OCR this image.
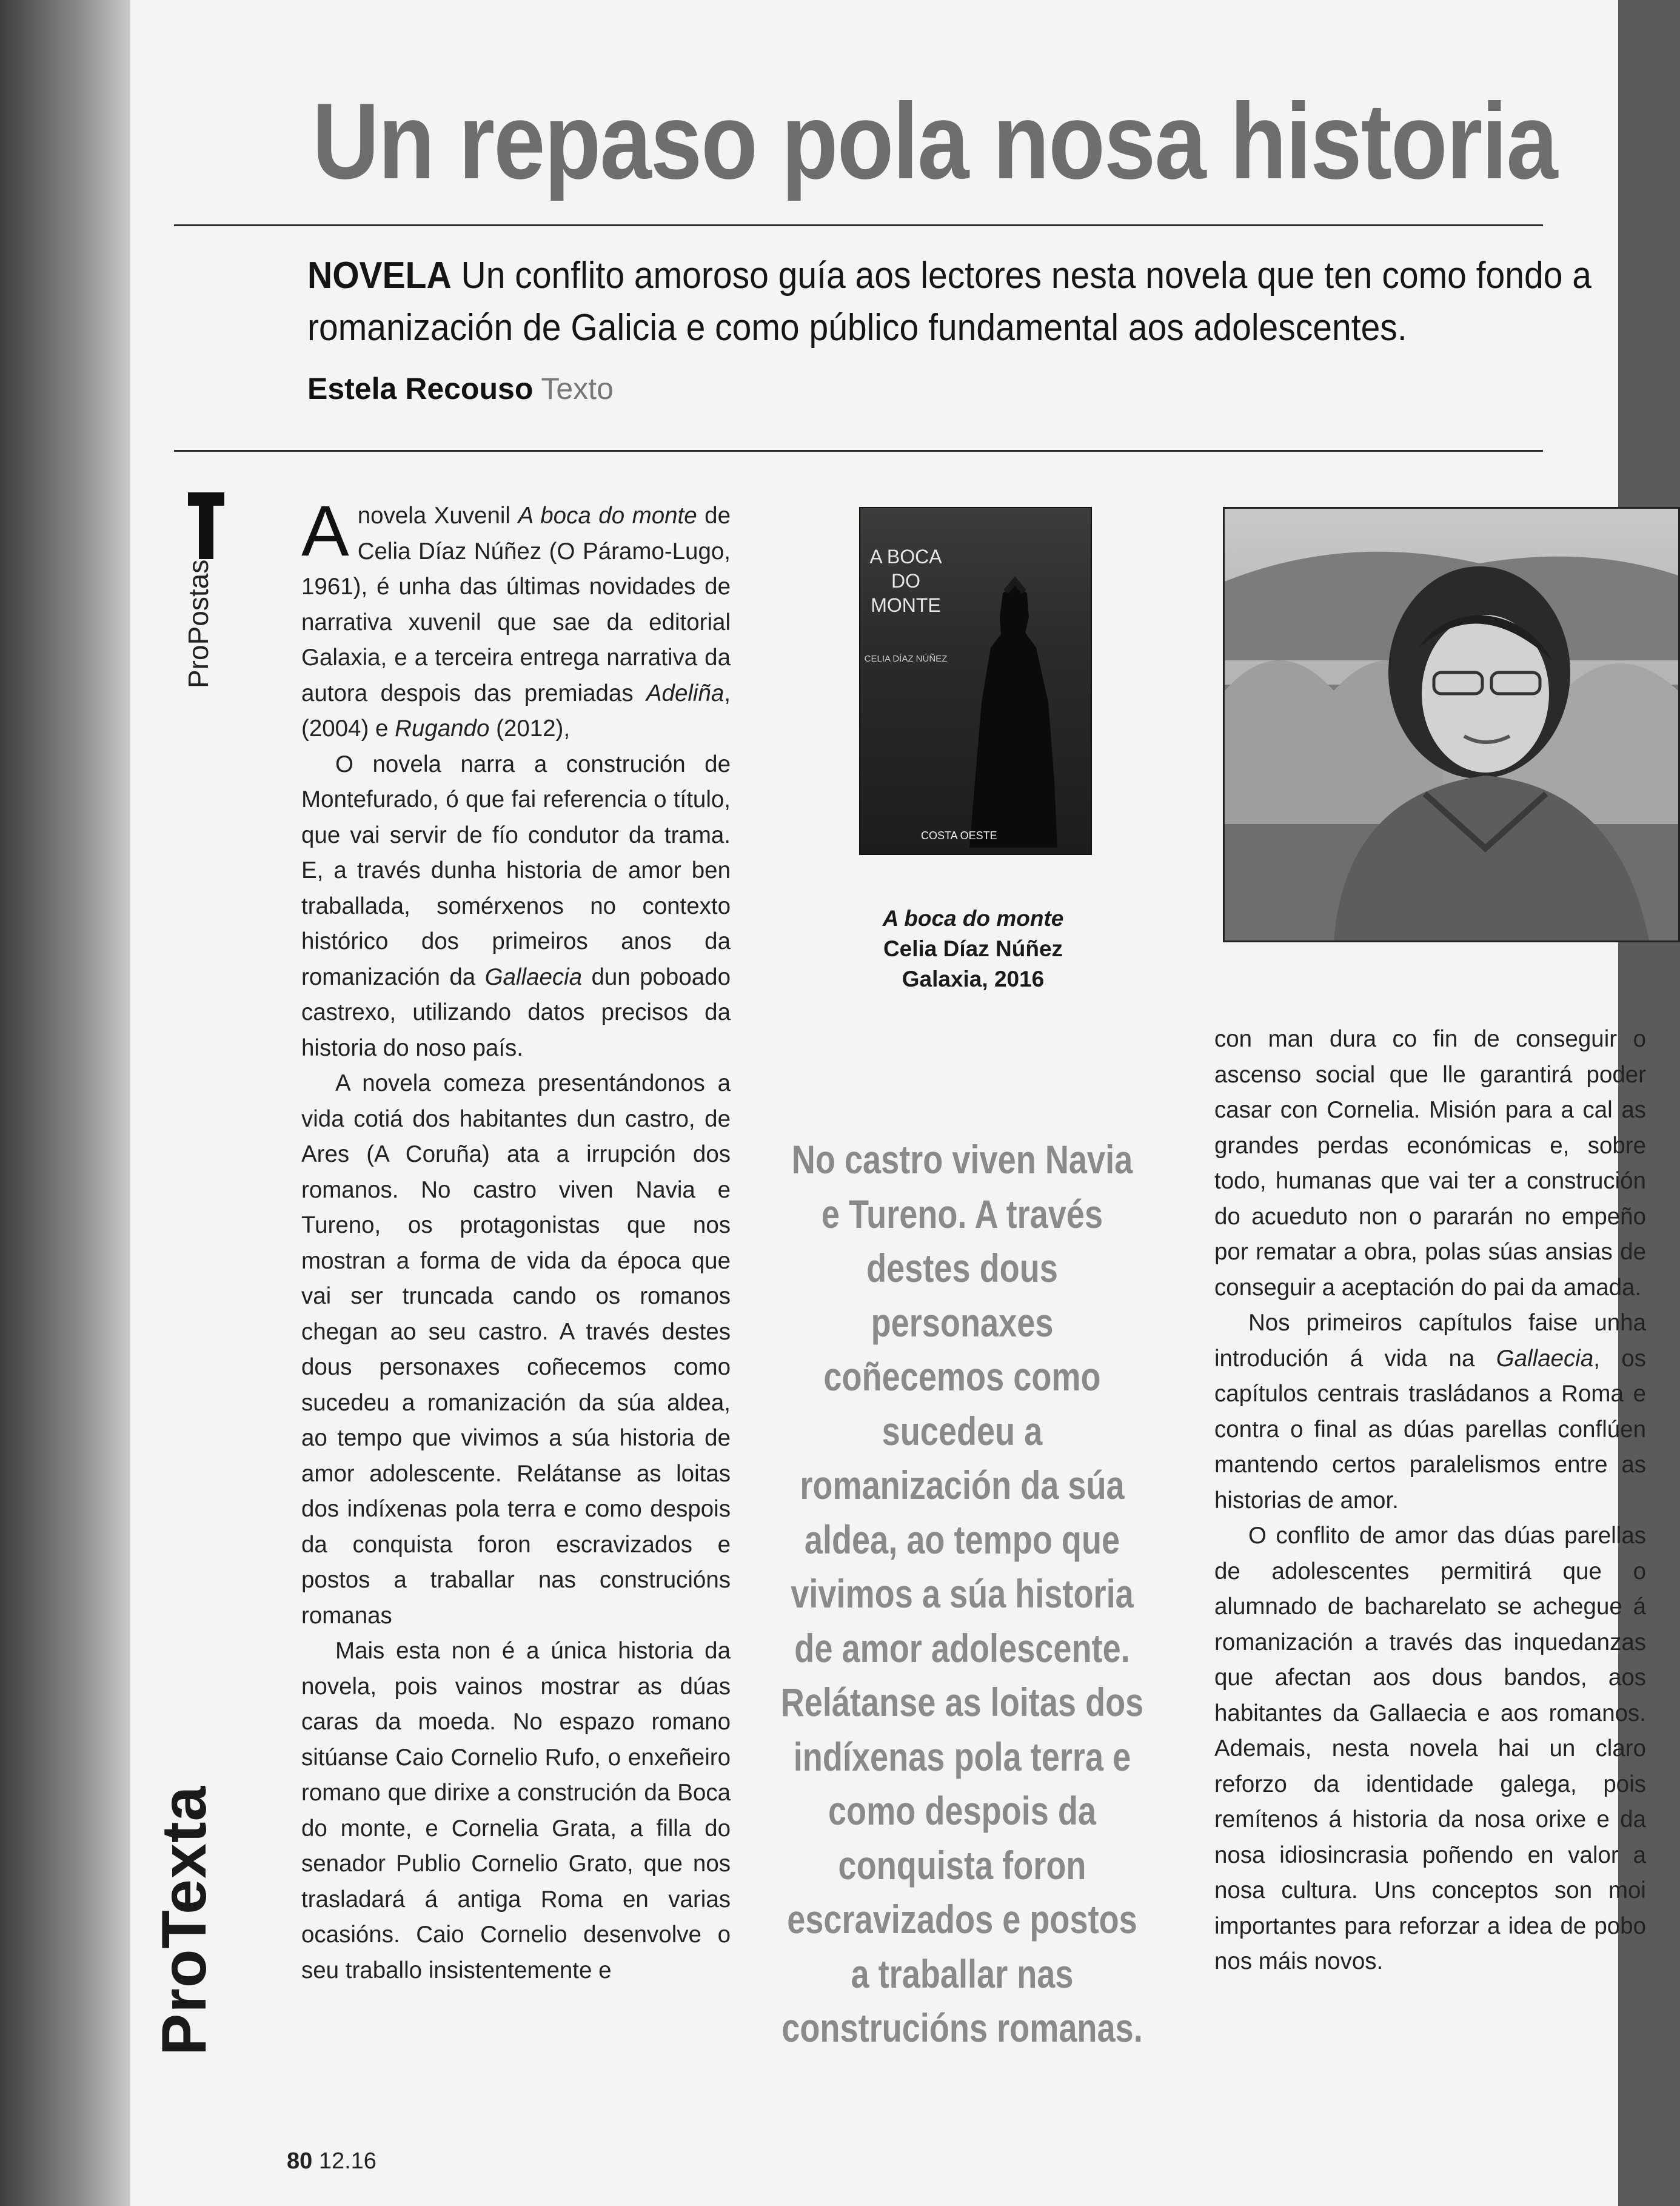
ProPostas
ProTexta
Un repaso pola nosa historia
NOVELA Un conflito amoroso guía aos lectores nesta novela que ten como fondo a romanización de Galicia e como público fundamental aos adolescentes.
Estela Recouso Texto

A novela Xuvenil A boca do monte de Celia Díaz Núñez (O Páramo-Lugo, 1961), é unha das últimas novidades de narrativa xuvenil que sae da editorial Galaxia, e a terceira entrega narrativa da autora despois das premiadas Adeliña, (2004) e Rugando (2012),

O novela narra a construción de Montefurado, ó que fai referencia o título, que vai servir de fío condutor da trama. E, a través dunha historia de amor ben traballada, somérxenos no contexto histórico dos primeiros anos da romanización da Gallaecia dun poboado castrexo, utilizando datos precisos da historia do noso país.

A novela comeza presentándonos a vida cotiá dos habitantes dun castro, de Ares (A Coruña) ata a irrupción dos romanos. No castro viven Navia e Tureno, os protagonistas que nos mostran a forma de vida da época que vai ser truncada cando os romanos chegan ao seu castro. A través destes dous personaxes coñecemos como sucedeu a romanización da súa aldea, ao tempo que vivimos a súa historia de amor adolescente. Relátanse as loitas dos indíxenas pola terra e como despois da conquista foron escravizados e postos a traballar nas construcións romanas

Mais esta non é a única historia da novela, pois vainos mostrar as dúas caras da moeda. No espazo romano sitúanse Caio Cornelio Rufo, o enxeñeiro romano que dirixe a construción da Boca do monte, e Cornelia Grata, a filla do senador Publio Cornelio Grato, que nos trasladará á antiga Roma en varias ocasións. Caio Cornelio desenvolve o seu traballo insistentemente e

A BOCA DO MONTE
CELIA DÍAZ NÚÑEZ
COSTA OESTE
A boca do monte
Celia Díaz Núñez
Galaxia, 2016
No castro viven Navia
e Tureno. A través
destes dous
personaxes
coñecemos como
sucedeu a
romanización da súa
aldea, ao tempo que
vivimos a súa historia
de amor adolescente.
Relátanse as loitas dos
indíxenas pola terra e
como despois da
conquista foron
escravizados e postos
a traballar nas
construcións romanas.

con man dura co fin de conseguir o ascenso social que lle garantirá poder casar con Cornelia. Misión para a cal as grandes perdas económicas e, sobre todo, humanas que vai ter a construción do acueduto non o pararán no empeño por rematar a obra, polas súas ansias de conseguir a aceptación do pai da amada.

Nos primeiros capítulos faise unha introdución á vida na Gallaecia, os capítulos centrais trasládanos a Roma e contra o final as dúas parellas conflúen mantendo certos paralelismos entre as historias de amor.

O conflito de amor das dúas parellas de adolescentes permitirá que o alumnado de bacharelato se achegue á romanización a través das inquedanzas que afectan aos dous bandos, aos habitantes da Gallaecia e aos romanos. Ademais, nesta novela hai un claro reforzo da identidade galega, pois remítenos á historia da nosa orixe e da nosa idiosincrasia poñendo en valor a nosa cultura. Uns conceptos son moi importantes para reforzar a idea de pobo nos máis novos.

80 12.16
